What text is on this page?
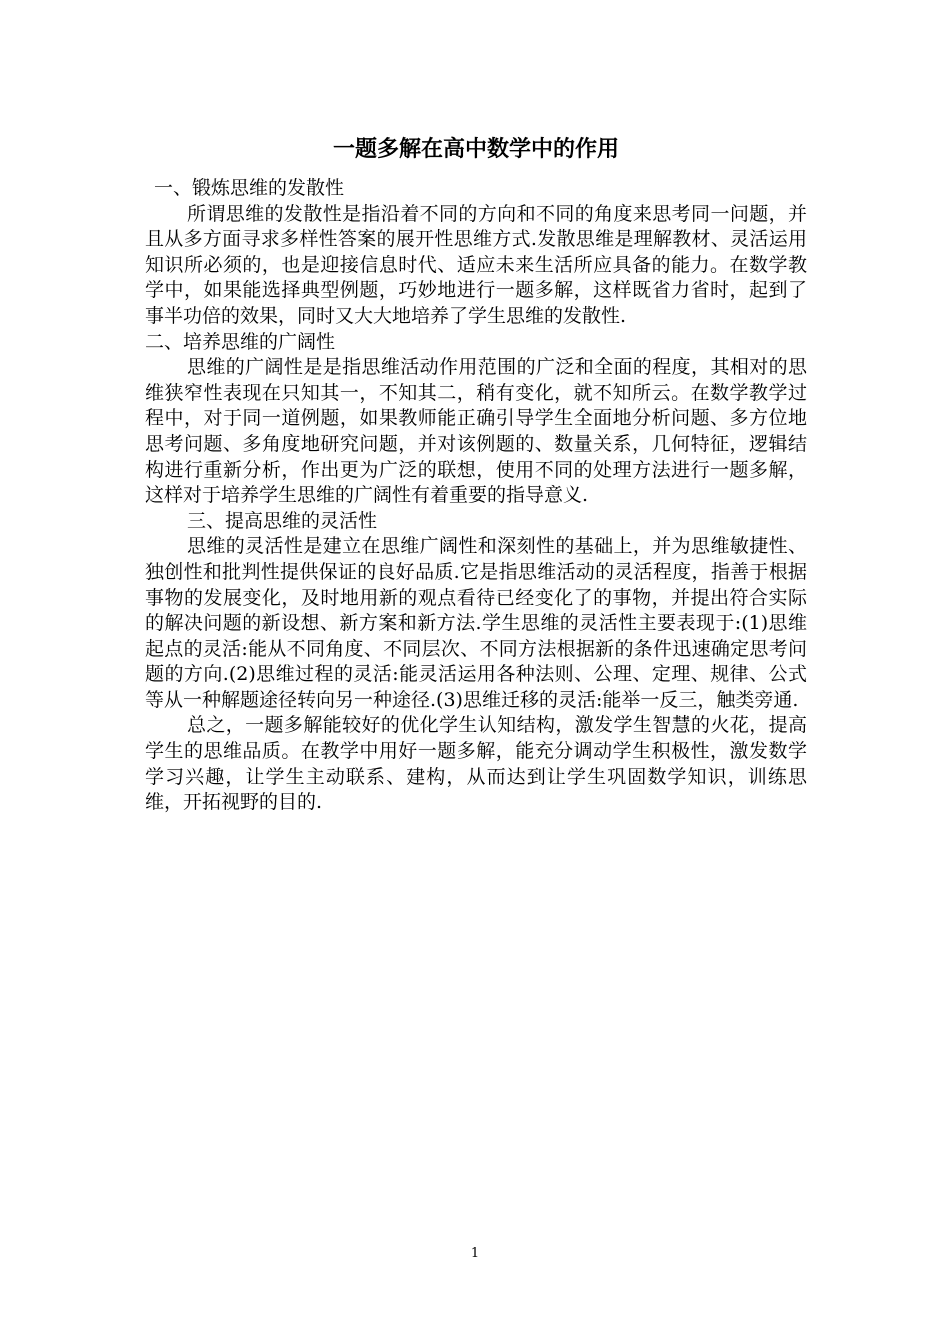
一题多解在高中数学中的作用

一、锻炼思维的发散性

所谓思维的发散性是指沿着不同的方向和不同的角度来思考同一问题，并且从多方面寻求多样性答案的展开性思维方式.发散思维是理解教材、灵活运用知识所必须的，也是迎接信息时代、适应未来生活所应具备的能力。在数学教学中，如果能选择典型例题，巧妙地进行一题多解，这样既省力省时，起到了事半功倍的效果，同时又大大地培养了学生思维的发散性.

二、培养思维的广阔性

思维的广阔性是是指思维活动作用范围的广泛和全面的程度，其相对的思维狭窄性表现在只知其一，不知其二，稍有变化，就不知所云。在数学教学过程中，对于同一道例题，如果教师能正确引导学生全面地分析问题、多方位地思考问题、多角度地研究问题，并对该例题的、数量关系，几何特征，逻辑结构进行重新分析，作出更为广泛的联想，使用不同的处理方法进行一题多解，这样对于培养学生思维的广阔性有着重要的指导意义.

三、提高思维的灵活性

思维的灵活性是建立在思维广阔性和深刻性的基础上，并为思维敏捷性、独创性和批判性提供保证的良好品质.它是指思维活动的灵活程度，指善于根据事物的发展变化，及时地用新的观点看待已经变化了的事物，并提出符合实际的解决问题的新设想、新方案和新方法.学生思维的灵活性主要表现于:(1)思维起点的灵活:能从不同角度、不同层次、不同方法根据新的条件迅速确定思考问题的方向.(2)思维过程的灵活:能灵活运用各种法则、公理、定理、规律、公式等从一种解题途径转向另一种途径.(3)思维迁移的灵活:能举一反三，触类旁通.

总之，一题多解能较好的优化学生认知结构，激发学生智慧的火花，提高学生的思维品质。在教学中用好一题多解，能充分调动学生积极性，激发数学学习兴趣，让学生主动联系、建构，从而达到让学生巩固数学知识，训练思维，开拓视野的目的.

1
